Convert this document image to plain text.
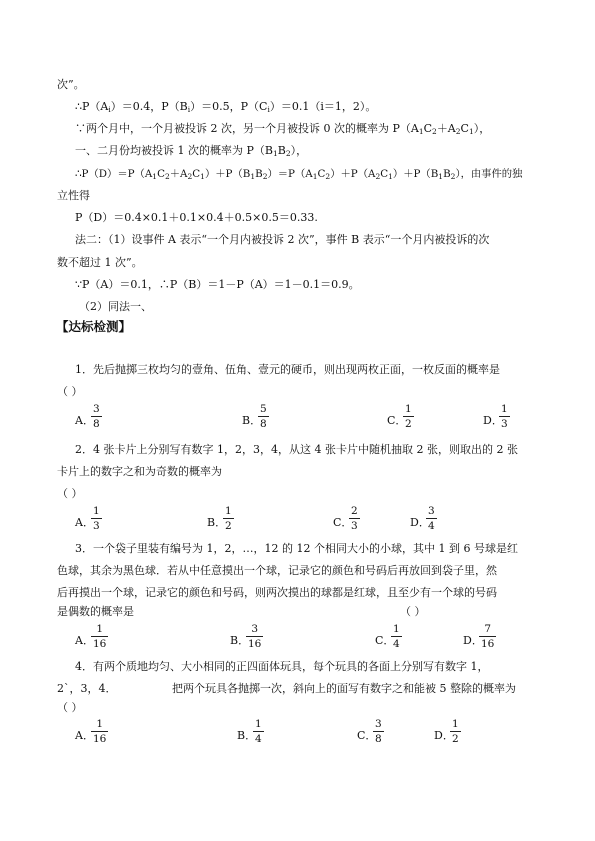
次”。
$\therefore P(A_i)=0.4$，$P(B_i)=0.5$，$P(C_i)=0.1(i=1$，2）。
∵两个月中，一个月被投诉 2 次，另一个月被投诉 0 次的概率为 $P(A_1C_2+A_2C_1)$，
一、二月份均被投诉 1 次的概率为 $P(B_1B_2)$，
$\therefore P(D)=P(A_1C_2+A_2C_1)+P(B_1B_2)=P(A_1C_2)+P(A_2C_1)+P(B_1B_2)$，由事件的独
立性得
P（D）＝0.4×0.1＋0.1×0.4＋0.5×0.5＝0.33.
法二：（1）设事件 A 表示“一个月内被投诉 2 次”，事件 B 表示“一个月内被投诉的次
数不超过 1 次”。
∵P（A）＝0.1，∴P（B）＝1－P（A）＝1－0.1＝0.9。
（2）同法一、
【达标检测】
1．先后抛掷三枚均匀的壹角、伍角、壹元的硬币，则出现两枚正面，一枚反面的概率是
（ ）
A．
3
8	B．
5
8	C．
1
2	D．
1
3
2．4 张卡片上分别写有数字 1，2，3，4，从这 4 张卡片中随机抽取 2 张，则取出的 2 张
卡片上的数字之和为奇数的概率为
（ ）
A．
1
3	B．
1
2	C．
2
3	D．
3
4
3．一个袋子里装有编号为 1，2，…，12 的 12 个相同大小的小球，其中 1 到 6 号球是红
色球，其余为黑色球．若从中任意摸出一个球，记录它的颜色和号码后再放回到袋子里，然
后再摸出一个球，记录它的颜色和号码，则两次摸出的球都是红球，且至少有一个球的号码
是偶数的概率是	（ ）
A．
1
16	B．
3
16	C．
1
4	D．
7
16
4．有两个质地均匀、大小相同的正四面体玩具，每个玩具的各面上分别写有数字 1，
2`，3，4．	把两个玩具各抛掷一次，斜向上的面写有数字之和能被 5 整除的概率为
（ ）
A．
1
16	B．
1
4	C．
3
8	D．
1
2
